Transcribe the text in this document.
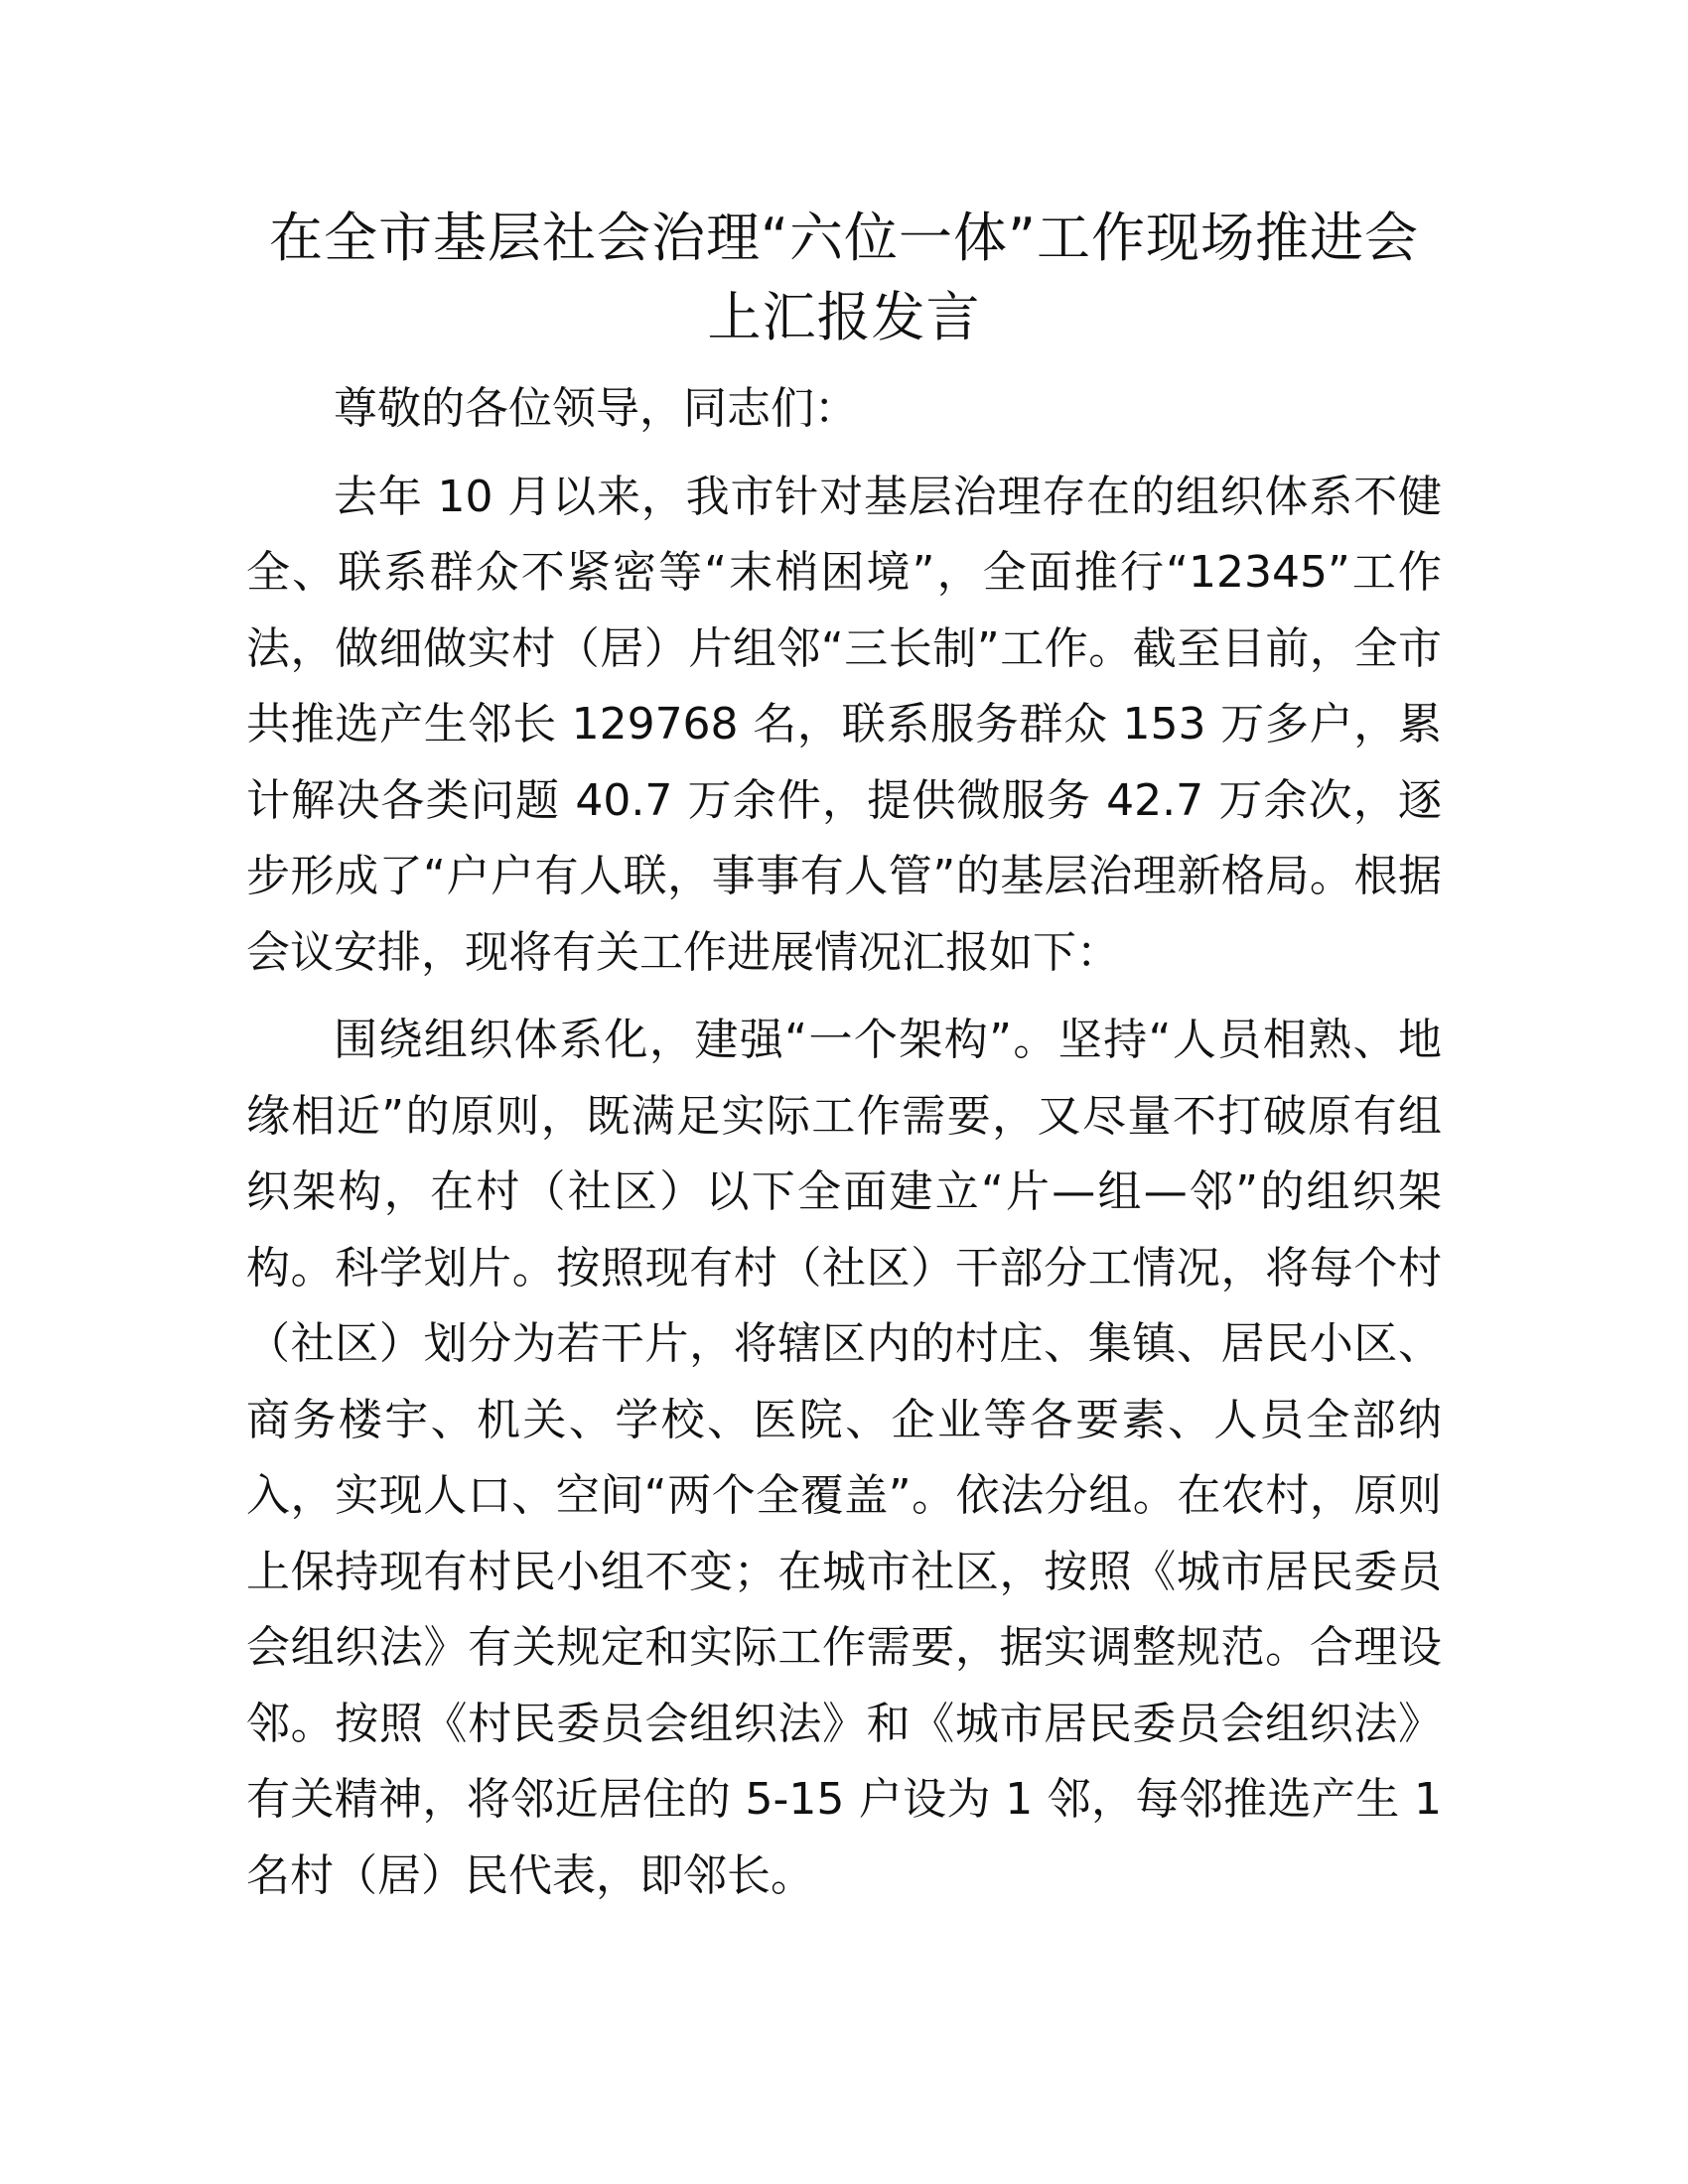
在全市基层社会治理“六位一体”工作现场推进会上汇报发言

尊敬的各位领导，同志们：

去年 10 月以来，我市针对基层治理存在的组织体系不健全、联系群众不紧密等“末梢困境”，全面推行“12345”工作法，做细做实村（居）片组邻“三长制”工作。截至目前，全市共推选产生邻长 129768 名，联系服务群众 153 万多户，累计解决各类问题 40.7 万余件，提供微服务 42.7 万余次，逐步形成了“户户有人联，事事有人管”的基层治理新格局。根据会议安排，现将有关工作进展情况汇报如下：

围绕组织体系化，建强“一个架构”。坚持“人员相熟、地缘相近”的原则，既满足实际工作需要，又尽量不打破原有组织架构，在村（社区）以下全面建立“片—组—邻”的组织架构。科学划片。按照现有村（社区）干部分工情况，将每个村（社区）划分为若干片，将辖区内的村庄、集镇、居民小区、商务楼宇、机关、学校、医院、企业等各要素、人员全部纳入，实现人口、空间“两个全覆盖”。依法分组。在农村，原则上保持现有村民小组不变；在城市社区，按照《城市居民委员会组织法》有关规定和实际工作需要，据实调整规范。合理设邻。按照《村民委员会组织法》和《城市居民委员会组织法》有关精神，将邻近居住的 5-15 户设为 1 邻，每邻推选产生 1 名村（居）民代表，即邻长。
